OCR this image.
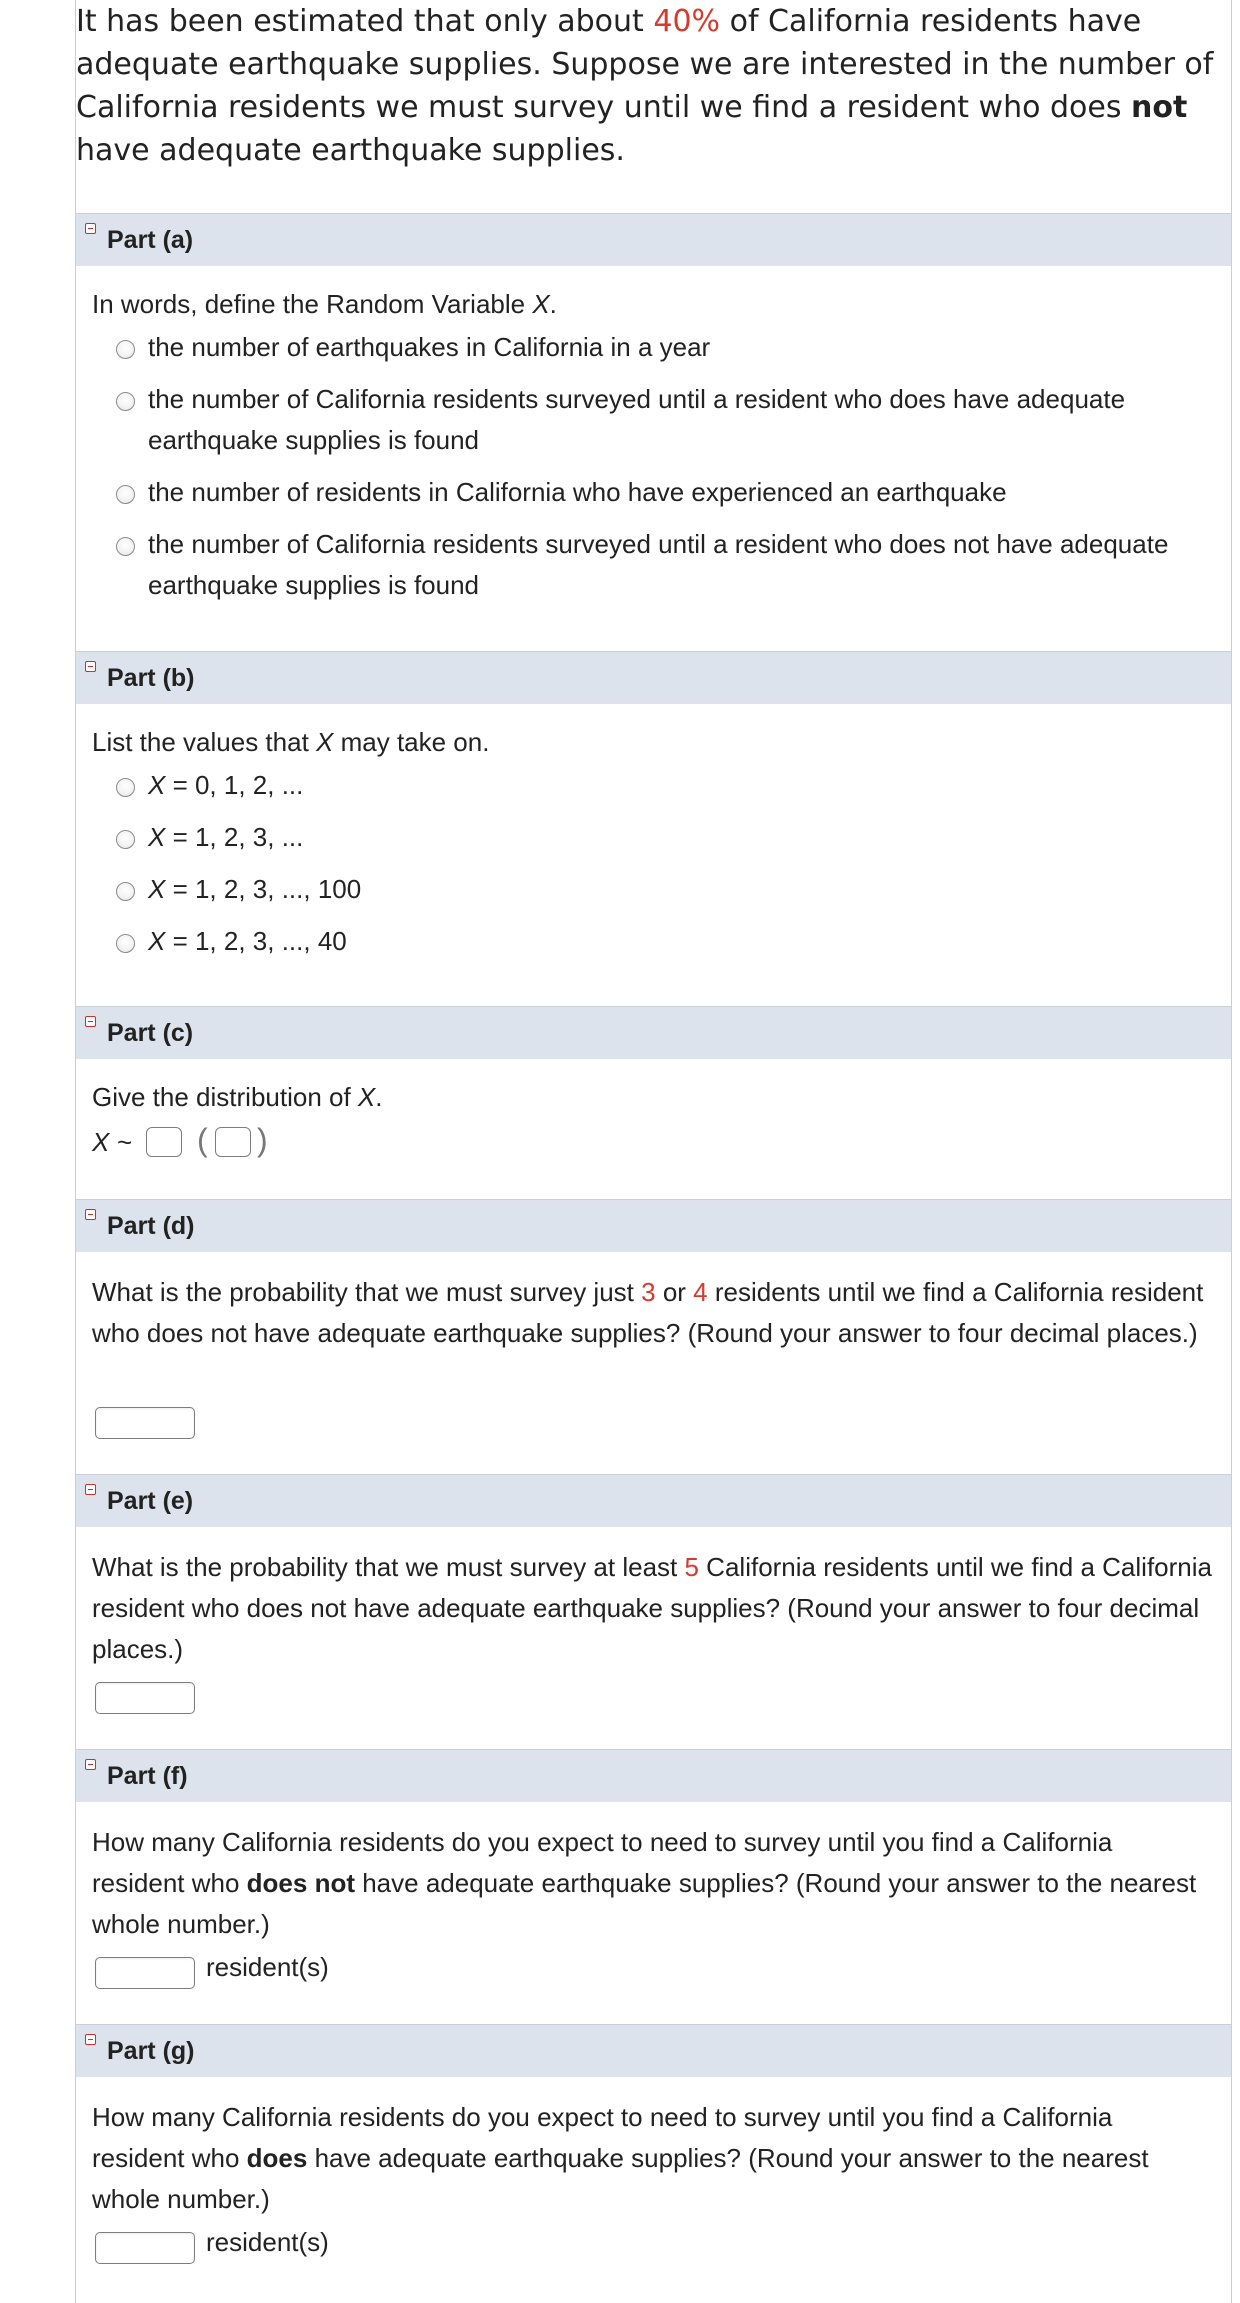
It has been estimated that only about 40% of California residents have adequate earthquake supplies. Suppose we are interested in the number of California residents we must survey until we find a resident who does not have adequate earthquake supplies.
Part (a)
In words, define the Random Variable X.
the number of earthquakes in California in a year
the number of California residents surveyed until a resident who does have adequate earthquake supplies is found
the number of residents in California who have experienced an earthquake
the number of California residents surveyed until a resident who does not have adequate earthquake supplies is found
Part (b)
List the values that X may take on.
X = 0, 1, 2, ...
X = 1, 2, 3, ...
X = 1, 2, 3, ..., 100
X = 1, 2, 3, ..., 40
Part (c)
Give the distribution of X.
X ~	( )
Part (d)
What is the probability that we must survey just 3 or 4 residents until we find a California resident who does not have adequate earthquake supplies? (Round your answer to four decimal places.)
Part (e)
What is the probability that we must survey at least 5 California residents until we find a California resident who does not have adequate earthquake supplies? (Round your answer to four decimal places.)
Part (f)
How many California residents do you expect to need to survey until you find a California resident who does not have adequate earthquake supplies? (Round your answer to the nearest whole number.)
resident(s)
Part (g)
How many California residents do you expect to need to survey until you find a California resident who does have adequate earthquake supplies? (Round your answer to the nearest whole number.)
resident(s)
